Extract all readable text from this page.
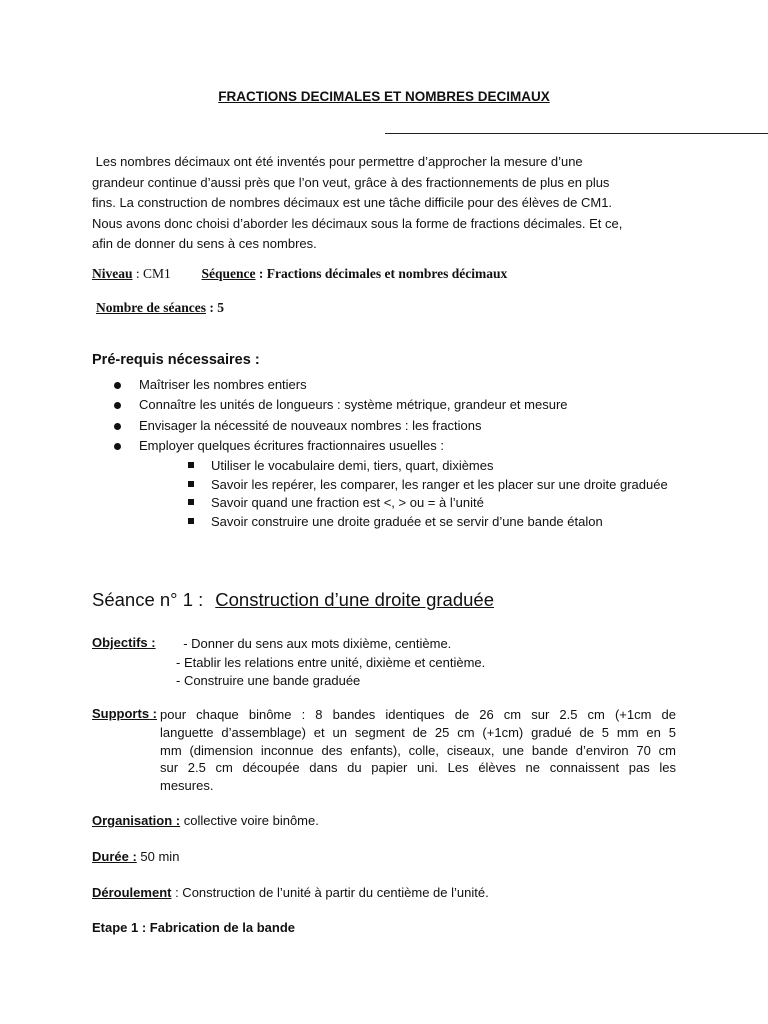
FRACTIONS DECIMALES ET NOMBRES DECIMAUX
Les nombres décimaux ont été inventés pour permettre d’approcher la mesure d’une
grandeur continue d’aussi près que l’on veut, grâce à des fractionnements de plus en plus
fins. La construction de nombres décimaux est une tâche difficile pour des élèves de CM1.
Nous avons donc choisi d’aborder les décimaux sous la forme de fractions décimales. Et ce,
afin de donner du sens à ces nombres.
Niveau : CM1 Séquence : Fractions décimales et nombres décimaux
Nombre de séances : 5
Pré-requis nécessaires :
Maîtriser les nombres entiers
Connaître les unités de longueurs : système métrique, grandeur et mesure
Envisager la nécessité de nouveaux nombres : les fractions
Employer quelques écritures fractionnaires usuelles :
Utiliser le vocabulaire demi, tiers, quart, dixièmes
Savoir les repérer, les comparer, les ranger et les placer sur une droite graduée
Savoir quand une fraction est <, > ou = à l’unité
Savoir construire une droite graduée et se servir d’une bande étalon
Séance n° 1 : Construction d’une droite graduée
Objectifs : - Donner du sens aux mots dixième, centième.
- Etablir les relations entre unité, dixième et centième.
- Construire une bande graduée
Supports : pour chaque binôme : 8 bandes identiques de 26 cm sur 2.5 cm (+1cm de
languette d’assemblage) et un segment de 25 cm (+1cm) gradué de 5 mm en 5
mm (dimension inconnue des enfants), colle, ciseaux, une bande d’environ 70 cm
sur 2.5 cm découpée dans du papier uni. Les élèves ne connaissent pas les
mesures.
Organisation : collective voire binôme.
Durée : 50 min
Déroulement : Construction de l’unité à partir du centième de l’unité.
Etape 1 : Fabrication de la bande
